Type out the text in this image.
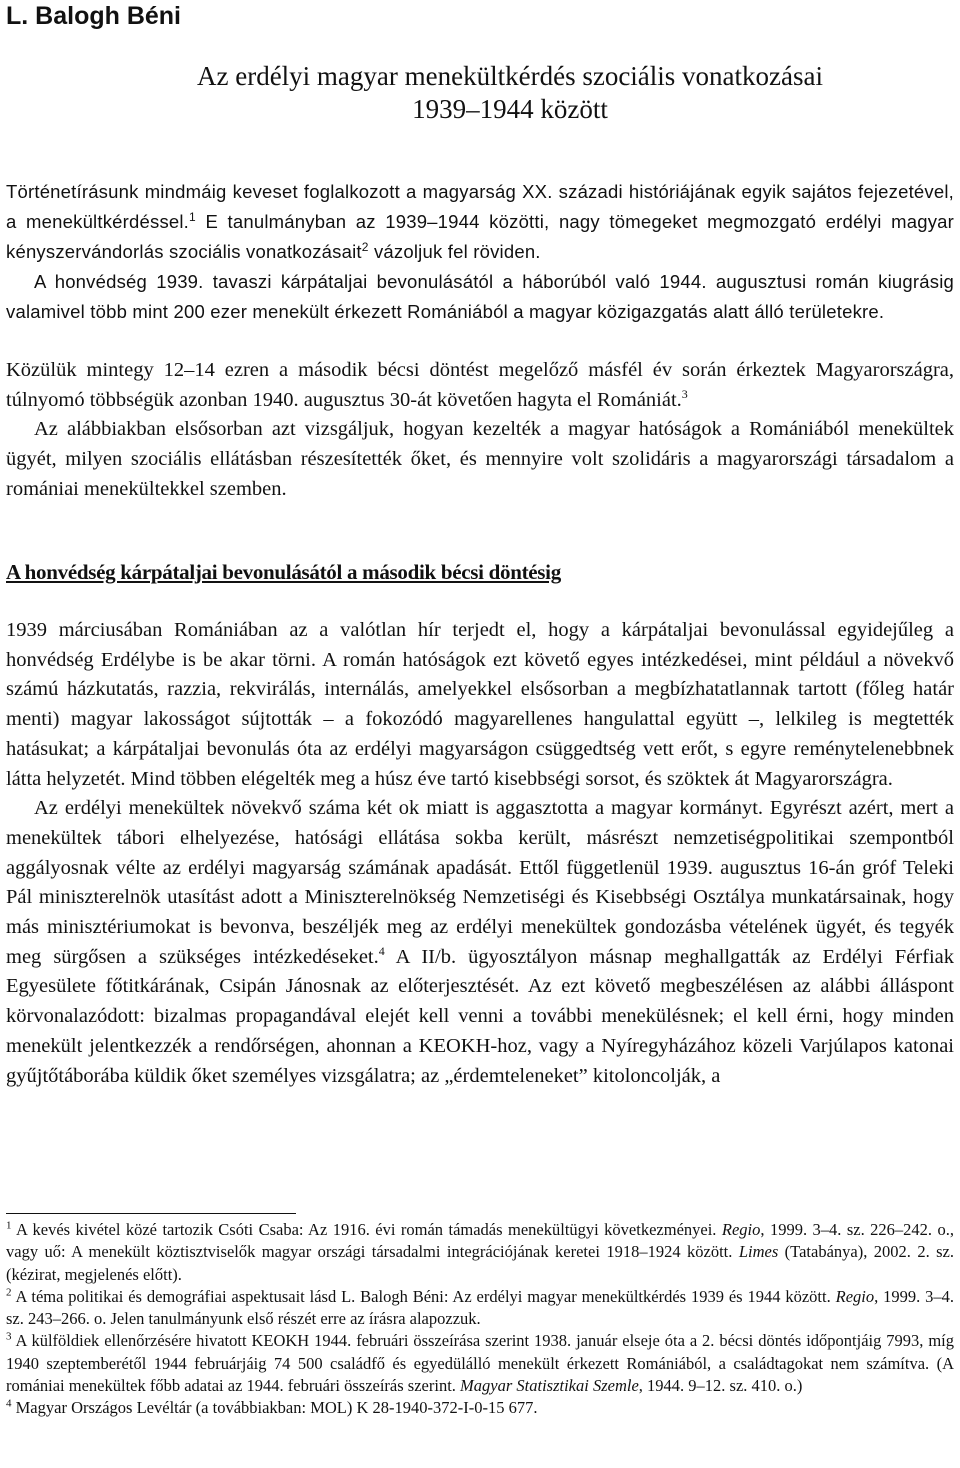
L. Balogh Béni
Az erdélyi magyar menekültkérdés szociális vonatkozásai
1939–1944 között

Történetírásunk mindmáig keveset foglalkozott a magyarság XX. századi históriájának egyik sajátos fejezetével, a menekültkérdéssel.$^1$ E tanulmányban az 1939–1944 közötti, nagy tömegeket megmozgató erdélyi magyar kényszervándorlás szociális vonatkozásait$^2$ vázoljuk fel röviden.

A honvédség 1939. tavaszi kárpátaljai bevonulásától a háborúból való 1944. augusztusi román kiugrásig valamivel több mint 200 ezer menekült érkezett Romániából a magyar közigazgatás alatt álló területekre.

Közülük mintegy 12–14 ezren a második bécsi döntést megelőző másfél év során érkeztek Magyarországra, túlnyomó többségük azonban 1940. augusztus 30-át követően hagyta el Romániát.$^3$

Az alábbiakban elsősorban azt vizsgáljuk, hogyan kezelték a magyar hatóságok a Romániából menekültek ügyét, milyen szociális ellátásban részesítették őket, és mennyire volt szolidáris a magyarországi társadalom a romániai menekültekkel szemben.

A honvédség kárpátaljai bevonulásától a második bécsi döntésig

1939 márciusában Romániában az a valótlan hír terjedt el, hogy a kárpátaljai bevonulással egyidejűleg a honvédség Erdélybe is be akar törni. A román hatóságok ezt követő egyes intézkedései, mint például a növekvő számú házkutatás, razzia, rekvirálás, internálás, amelyekkel elsősorban a megbízhatatlannak tartott (főleg határ menti) magyar lakosságot sújtották – a fokozódó magyarellenes hangulattal együtt –, lelkileg is megtették hatásukat; a kárpátaljai bevonulás óta az erdélyi magyarságon csüggedtség vett erőt, s egyre reménytelenebbnek látta helyzetét. Mind többen elégelték meg a húsz éve tartó kisebbségi sorsot, és szöktek át Magyarországra.

Az erdélyi menekültek növekvő száma két ok miatt is aggasztotta a magyar kormányt. Egyrészt azért, mert a menekültek tábori elhelyezése, hatósági ellátása sokba került, másrészt nemzetiségpolitikai szempontból aggályosnak vélte az erdélyi magyarság számának apadását. Ettől függetlenül 1939. augusztus 16-án gróf Teleki Pál miniszterelnök utasítást adott a Miniszterelnökség Nemzetiségi és Kisebbségi Osztálya munkatársainak, hogy más minisztériumokat is bevonva, beszéljék meg az erdélyi menekültek gondozásba vételének ügyét, és tegyék meg sürgősen a szükséges intézkedéseket.$^4$ A II/b. ügyosztályon másnap meghallgatták az Erdélyi Férfiak Egyesülete főtitkárának, Csipán Jánosnak az előterjesztését. Az ezt követő megbeszélésen az alábbi álláspont körvonalazódott: bizalmas propagandával elejét kell venni a további menekülésnek; el kell érni, hogy minden menekült jelentkezzék a rendőrségen, ahonnan a KEOKH-hoz, vagy a Nyíregyházához közeli Varjúlapos katonai gyűjtőtáborába küldik őket személyes vizsgálatra; az „érdemteleneket” kitoloncolják, a

$^1$ A kevés kivétel közé tartozik Csóti Csaba: Az 1916. évi román támadás menekültügyi következményei. Regio, 1999. 3–4. sz. 226–242. o., vagy uő: A menekült köztisztviselők magyar országi társadalmi integrációjának keretei 1918–1924 között. Limes (Tatabánya), 2002. 2. sz. (kézirat, megjelenés előtt).

$^2$ A téma politikai és demográfiai aspektusait lásd L. Balogh Béni: Az erdélyi magyar menekültkérdés 1939 és 1944 között. Regio, 1999. 3–4. sz. 243–266. o. Jelen tanulmányunk első részét erre az írásra alapozzuk.

$^3$ A külföldiek ellenőrzésére hivatott KEOKH 1944. februári összeírása szerint 1938. január elseje óta a 2. bécsi döntés időpontjáig 7993, míg 1940 szeptemberétől 1944 februárjáig 74 500 családfő és egyedülálló menekült érkezett Romániából, a családtagokat nem számítva. (A romániai menekültek főbb adatai az 1944. februári összeírás szerint. Magyar Statisztikai Szemle, 1944. 9–12. sz. 410. o.)

$^4$ Magyar Országos Levéltár (a továbbiakban: MOL) K 28-1940-372-I-0-15 677.
